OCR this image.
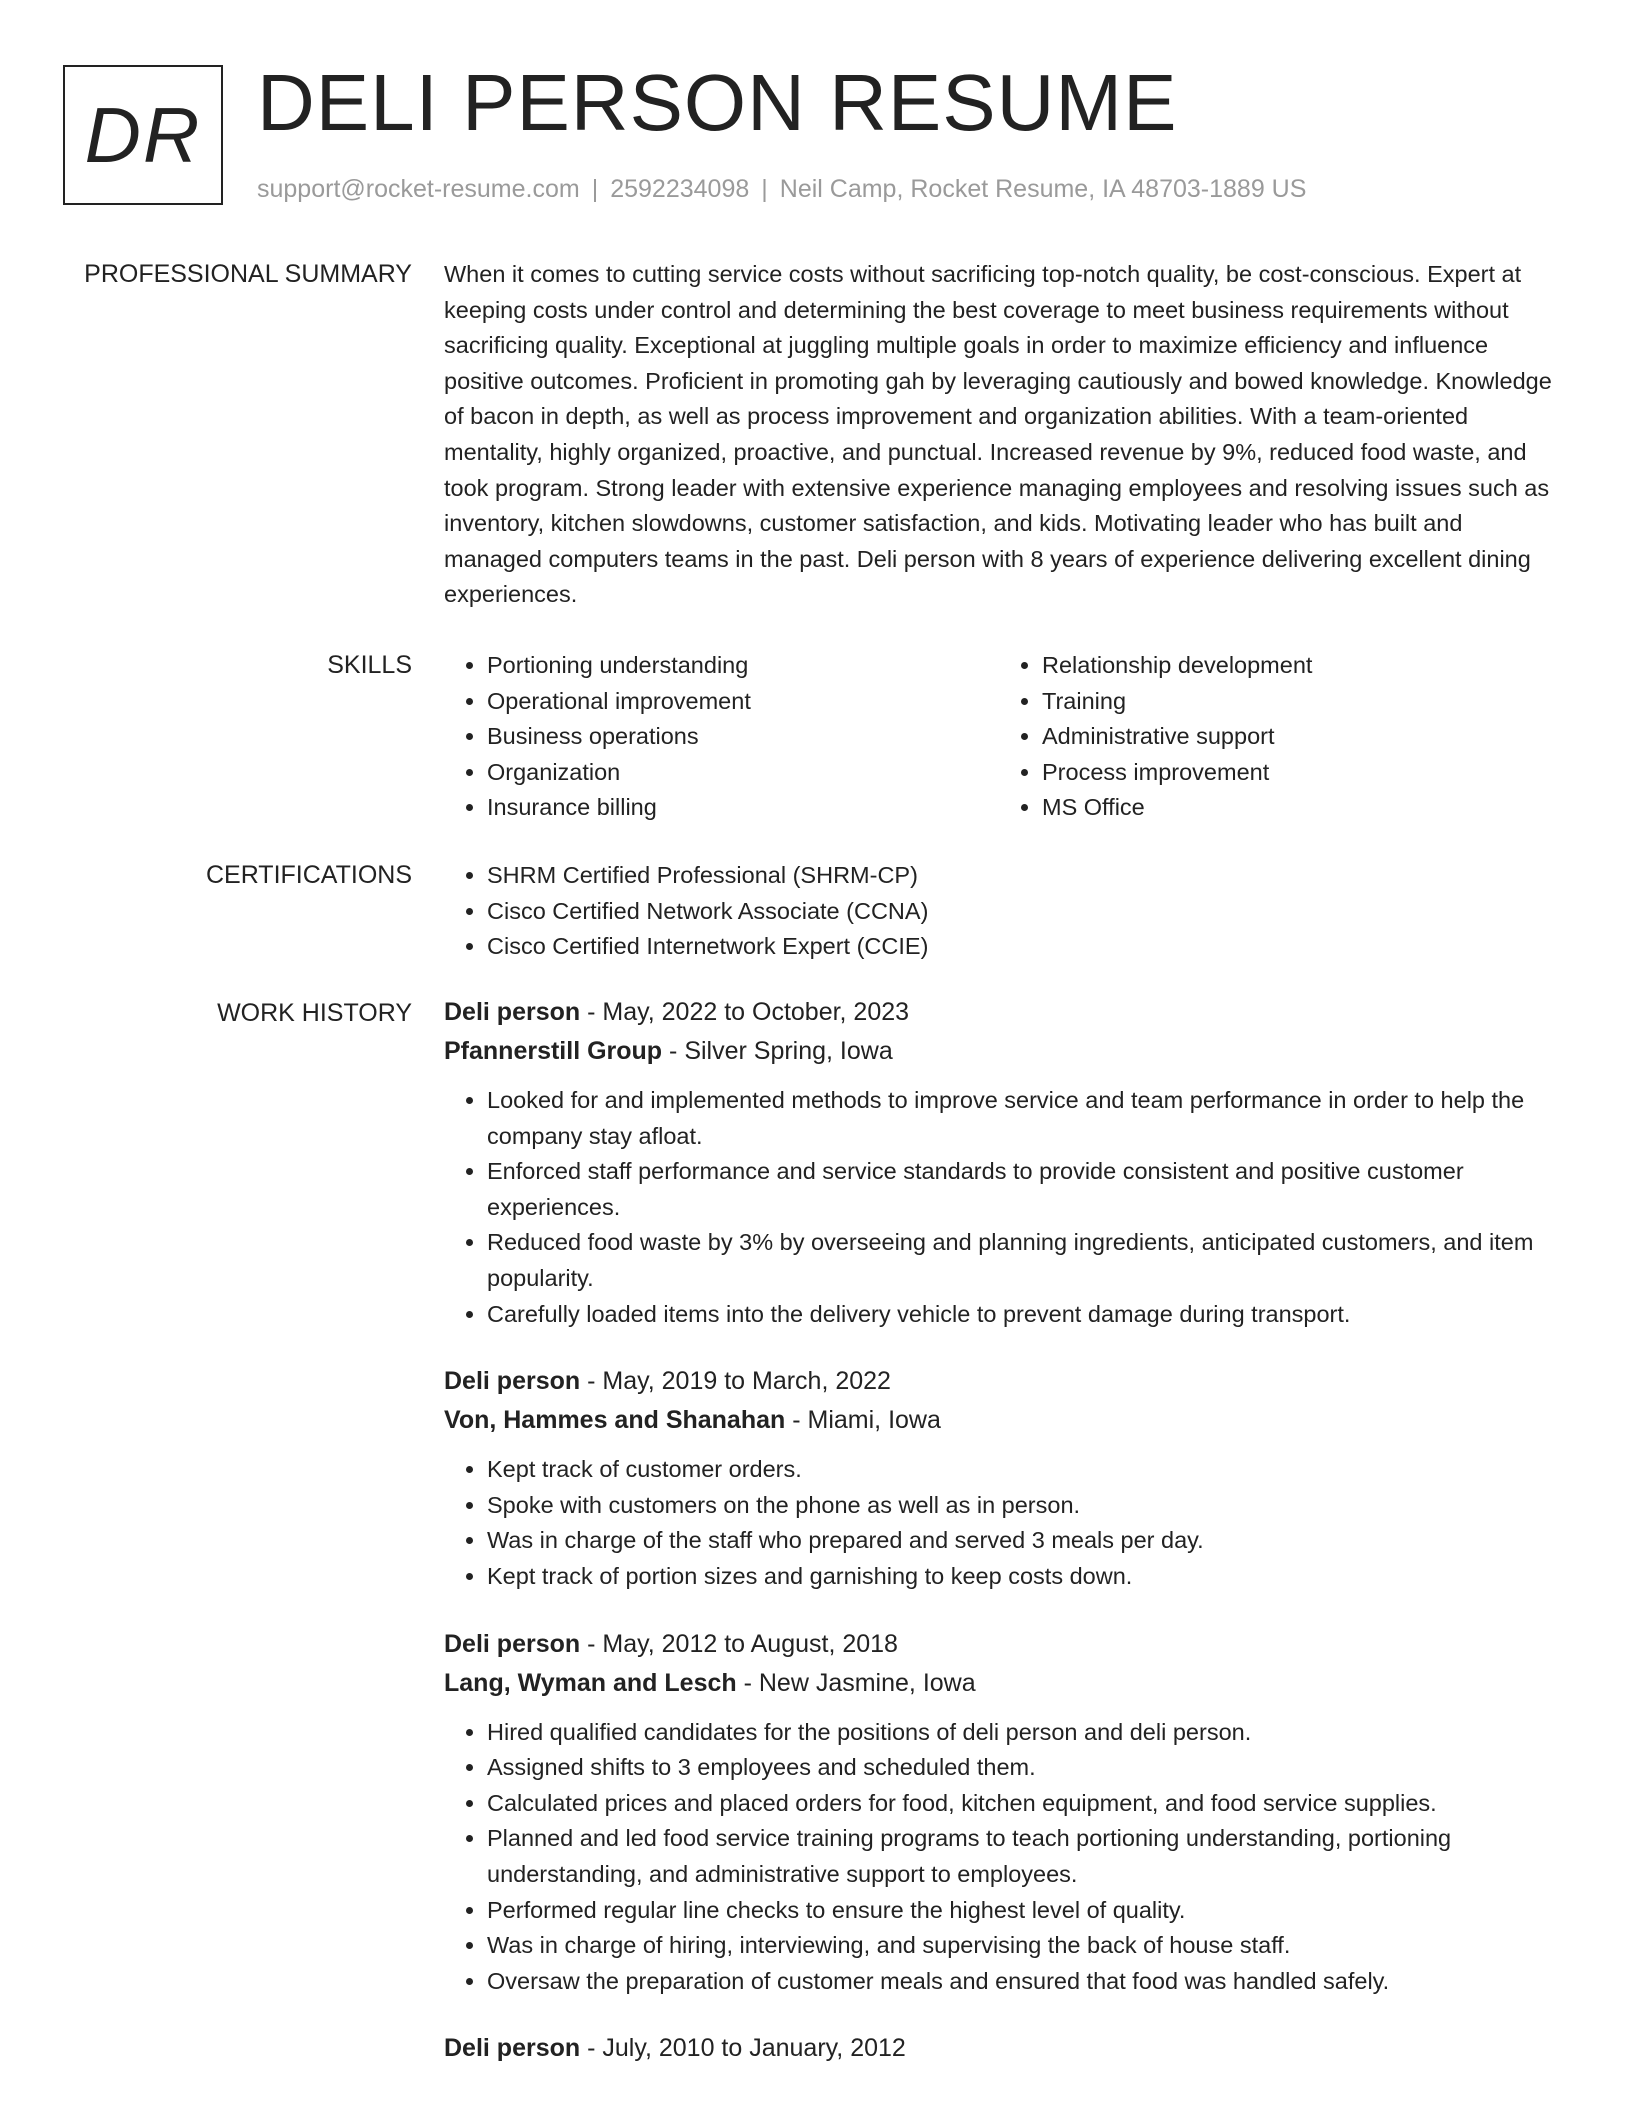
DR DELI PERSON RESUME
support@rocket-resume.com | 2592234098 | Neil Camp, Rocket Resume, IA 48703-1889 US
PROFESSIONAL SUMMARY When it comes to cutting service costs without sacrificing top-notch quality, be cost-conscious. Expert at keeping costs under control and determining the best coverage to meet business requirements without sacrificing quality. Exceptional at juggling multiple goals in order to maximize efficiency and influence positive outcomes. Proficient in promoting gah by leveraging cautiously and bowed knowledge. Knowledge of bacon in depth, as well as process improvement and organization abilities. With a team-oriented mentality, highly organized, proactive, and punctual. Increased revenue by 9%, reduced food waste, and took program. Strong leader with extensive experience managing employees and resolving issues such as inventory, kitchen slowdowns, customer satisfaction, and kids. Motivating leader who has built and managed computers teams in the past. Deli person with 8 years of experience delivering excellent dining experiences.

SKILLS	• Portioning understanding
• Operational improvement
• Business operations
• Organization
• Insurance billing
• Relationship development
• Training
• Administrative support
• Process improvement
• MS Office
CERTIFICATIONS	• SHRM Certified Professional (SHRM-CP)
• Cisco Certified Network Associate (CCNA)
• Cisco Certified Internetwork Expert (CCIE)
WORK HISTORY Deli person - May, 2022 to October, 2023
Pfannerstill Group - Silver Spring, Iowa
• Looked for and implemented methods to improve service and team performance in order to help the company stay afloat.
• Enforced staff performance and service standards to provide consistent and positive customer experiences.
• Reduced food waste by 3% by overseeing and planning ingredients, anticipated customers, and item popularity.
• Carefully loaded items into the delivery vehicle to prevent damage during transport.
Deli person - May, 2019 to March, 2022
Von, Hammes and Shanahan - Miami, Iowa
• Kept track of customer orders.
• Spoke with customers on the phone as well as in person.
• Was in charge of the staff who prepared and served 3 meals per day.
• Kept track of portion sizes and garnishing to keep costs down.
Deli person - May, 2012 to August, 2018
Lang, Wyman and Lesch - New Jasmine, Iowa
• Hired qualified candidates for the positions of deli person and deli person.
• Assigned shifts to 3 employees and scheduled them.
• Calculated prices and placed orders for food, kitchen equipment, and food service supplies.
• Planned and led food service training programs to teach portioning understanding, portioning understanding, and administrative support to employees.
• Performed regular line checks to ensure the highest level of quality.
• Was in charge of hiring, interviewing, and supervising the back of house staff.
• Oversaw the preparation of customer meals and ensured that food was handled safely.
Deli person - July, 2010 to January, 2012
